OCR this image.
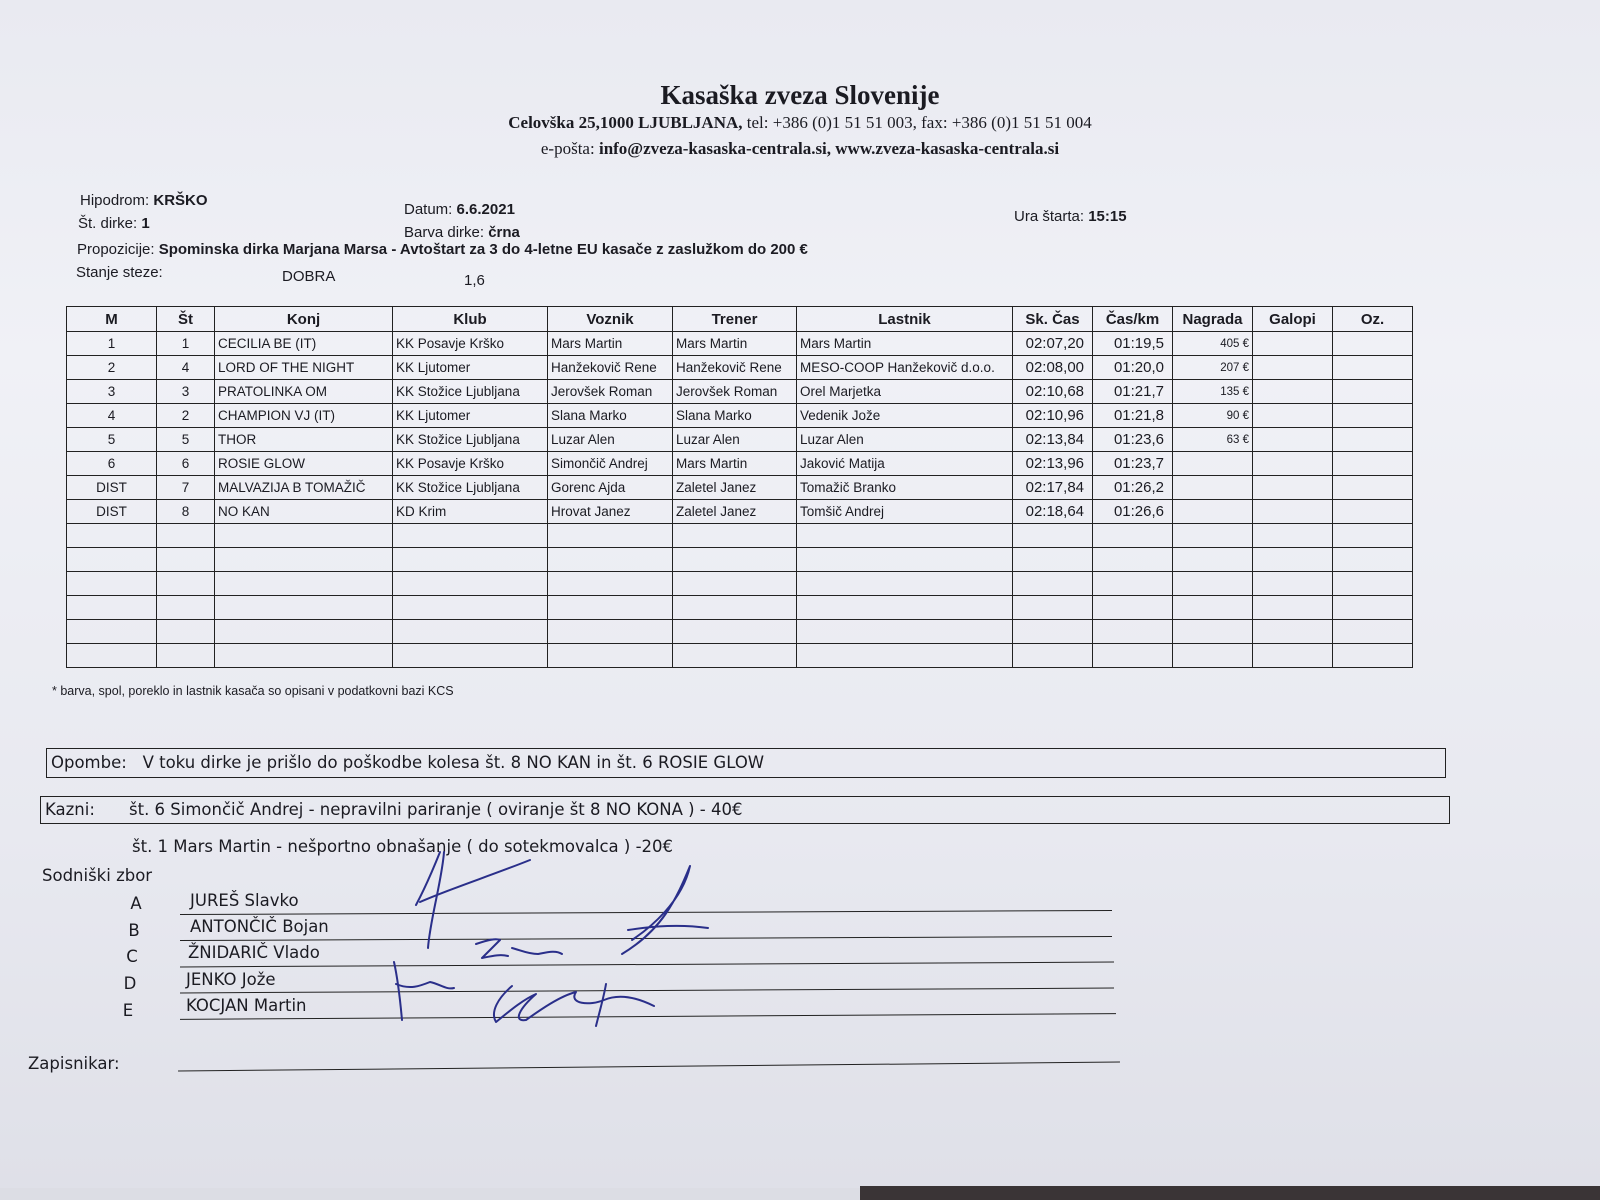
Kasaška zveza Slovenije
Celovška 25,1000 LJUBLJANA, tel: +386 (0)1 51 51 003, fax: +386 (0)1 51 51 004
e-pošta: info@zveza-kasaska-centrala.si, www.zveza-kasaska-centrala.si
Hipodrom: KRŠKO
Št. dirke: 1
Datum: 6.6.2021
Barva dirke: črna
Ura štarta: 15:15
Propozicije: Spominska dirka Marjana Marsa - Avtoštart za 3 do 4-letne EU kasače z zaslužkom do 200 €
Stanje steze:	DOBRA	1,6
M	Št	Konj	Klub	Voznik	Trener	Lastnik	Sk. Čas	Čas/km	Nagrada	Galopi	Oz.
1	1	CECILIA BE (IT)	KK Posavje Krško	Mars Martin	Mars Martin	Mars Martin	02:07,20	01:19,5	405 €		
2	4	LORD OF THE NIGHT	KK Ljutomer	Hanžekovič Rene	Hanžekovič Rene	MESO-COOP Hanžekovič d.o.o.	02:08,00	01:20,0	207 €		
3	3	PRATOLINKA OM	KK Stožice Ljubljana	Jerovšek Roman	Jerovšek Roman	Orel Marjetka	02:10,68	01:21,7	135 €		
4	2	CHAMPION VJ (IT)	KK Ljutomer	Slana Marko	Slana Marko	Vedenik Jože	02:10,96	01:21,8	90 €		
5	5	THOR	KK Stožice Ljubljana	Luzar Alen	Luzar Alen	Luzar Alen	02:13,84	01:23,6	63 €		
6	6	ROSIE GLOW	KK Posavje Krško	Simončič Andrej	Mars Martin	Jaković Matija	02:13,96	01:23,7			
DIST	7	MALVAZIJA B TOMAŽIČ	KK Stožice Ljubljana	Gorenc Ajda	Zaletel Janez	Tomažič Branko	02:17,84	01:26,2			
DIST	8	NO KAN	KD Krim	Hrovat Janez	Zaletel Janez	Tomšič Andrej	02:18,64	01:26,6			

* barva, spol, poreklo in lastnik kasača so opisani v podatkovni bazi KCS
Opombe: V toku dirke je prišlo do poškodbe kolesa št. 8 NO KAN in št. 6 ROSIE GLOW
Kazni: št. 6 Simončič Andrej - nepravilni pariranje ( oviranje št 8 NO KONA ) - 40€
št. 1 Mars Martin - nešportno obnašanje ( do sotekmovalca ) -20€
Sodniški zbor
A	JUREŠ Slavko
B	ANTONČIČ Bojan
C	ŽNIDARIČ Vlado
D	JENKO Jože
E	KOCJAN Martin
Zapisnikar:
